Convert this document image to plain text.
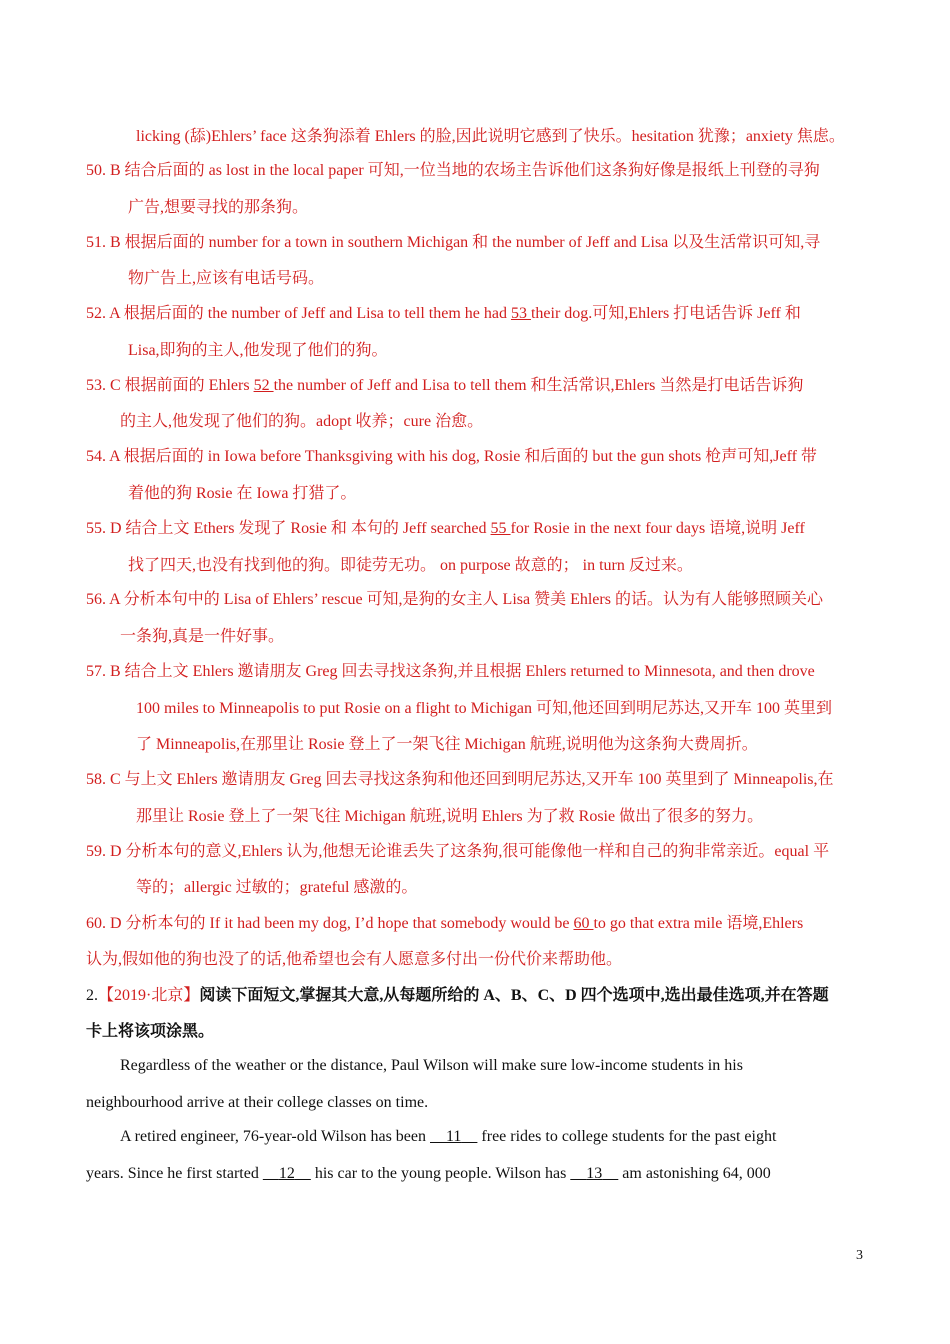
licking (舔)Ehlers’ face 这条狗添着 Ehlers 的脸,因此说明它感到了快乐。hesitation 犹豫；anxiety 焦虑。
50. B 结合后面的 as lost in the local paper 可知,一位当地的农场主告诉他们这条狗好像是报纸上刊登的寻狗
广告,想要寻找的那条狗。
51. B 根据后面的 number for a town in southern Michigan 和 the number of Jeff and Lisa 以及生活常识可知,寻
物广告上,应该有电话号码。
52. A 根据后面的 the number of Jeff and Lisa to tell them he had 53 their dog.可知,Ehlers 打电话告诉 Jeff 和
Lisa,即狗的主人,他发现了他们的狗。
53. C 根据前面的 Ehlers 52 the number of Jeff and Lisa to tell them 和生活常识,Ehlers 当然是打电话告诉狗
的主人,他发现了他们的狗。adopt 收养；cure 治愈。
54. A 根据后面的 in Iowa before Thanksgiving with his dog, Rosie 和后面的 but the gun shots 枪声可知,Jeff 带
着他的狗 Rosie 在 Iowa 打猎了。
55. D 结合上文 Ethers 发现了 Rosie 和 本句的 Jeff searched 55 for Rosie in the next four days 语境,说明 Jeff
找了四天,也没有找到他的狗。即徒劳无功。 on purpose 故意的； in turn 反过来。
56. A 分析本句中的 Lisa of Ehlers’ rescue 可知,是狗的女主人 Lisa 赞美 Ehlers 的话。认为有人能够照顾关心
一条狗,真是一件好事。
57. B 结合上文 Ehlers 邀请朋友 Greg 回去寻找这条狗,并且根据 Ehlers returned to Minnesota, and then drove
100 miles to Minneapolis to put Rosie on a flight to Michigan 可知,他还回到明尼苏达,又开车 100 英里到
了 Minneapolis,在那里让 Rosie 登上了一架飞往 Michigan 航班,说明他为这条狗大费周折。
58. C 与上文 Ehlers 邀请朋友 Greg 回去寻找这条狗和他还回到明尼苏达,又开车 100 英里到了 Minneapolis,在
那里让 Rosie 登上了一架飞往 Michigan 航班,说明 Ehlers 为了救 Rosie 做出了很多的努力。
59. D 分析本句的意义,Ehlers 认为,他想无论谁丢失了这条狗,很可能像他一样和自己的狗非常亲近。equal 平
等的；allergic 过敏的；grateful 感激的。
60. D 分析本句的 If it had been my dog, I’d hope that somebody would be 60 to go that extra mile 语境,Ehlers
认为,假如他的狗也没了的话,他希望也会有人愿意多付出一份代价来帮助他。
2.【2019·北京】阅读下面短文,掌握其大意,从每题所给的 A、B、C、D 四个选项中,选出最佳选项,并在答题
卡上将该项涂黑。
Regardless of the weather or the distance, Paul Wilson will make sure low-income students in his
neighbourhood arrive at their college classes on time.
A retired engineer, 76-year-old Wilson has been     11     free rides to college students for the past eight
years. Since he first started     12     his car to the young people. Wilson has     13     am astonishing 64, 000
3
